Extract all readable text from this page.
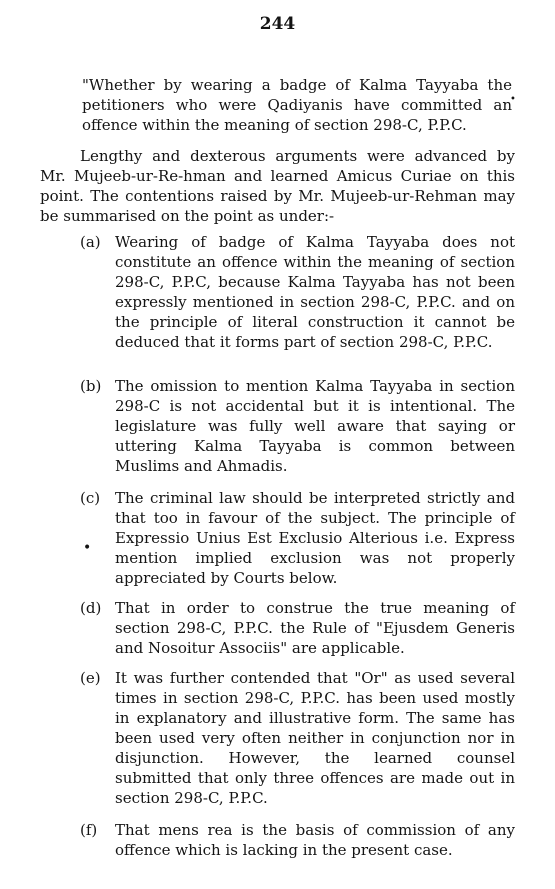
244
"Whether by wearing a badge of Kalma Tayyaba the petitioners who were Qadiyanis have committed an offence within the meaning of section 298-C, P.P.C.
•
Lengthy and dexterous arguments were advanced by Mr. Mujeeb-ur-Re-hman and learned Amicus Curiae on this point. The contentions raised by Mr. Mujeeb-ur-Rehman may be summarised on the point as under:-
(a) Wearing of badge of Kalma Tayyaba does not constitute an offence within the meaning of section 298-C, P.P.C, because Kalma Tayyaba has not been expressly mentioned in section 298-C, P.P.C. and on the principle of literal construction it cannot be deduced that it forms part of section 298-C, P.P.C.
(b) The omission to mention Kalma Tayyaba in section 298-C is not accidental but it is intentional. The legislature was fully well aware that saying or uttering Kalma Tayyaba is common between Muslims and Ahmadis.
(c) The criminal law should be interpreted strictly and that too in favour of the subject. The principle of Expressio Unius Est Exclusio Alterious i.e. Express mention implied exclusion was not properly appreciated by Courts below.
(d) That in order to construe the true meaning of section 298-C, P.P.C. the Rule of "Ejusdem Generis and Nosoitur Associis" are applicable.
(e) It was further contended that "Or" as used several times in section 298-C, P.P.C. has been used mostly in explanatory and illustrative form. The same has been used very often neither in conjunction nor in disjunction. However, the learned counsel submitted that only three offences are made out in section 298-C, P.P.C.
(f)	That mens rea is the basis of commission of any offence which is lacking in the present case.
•
